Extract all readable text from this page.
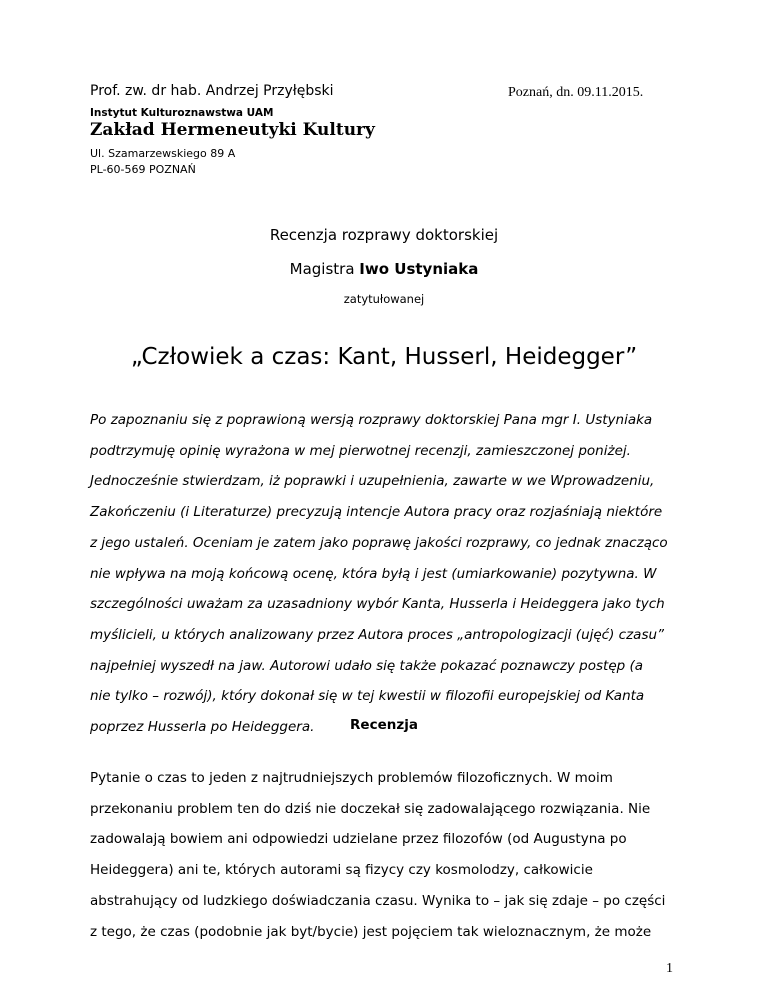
Prof. zw. dr hab. Andrzej Przyłębski	Poznań, dn. 09.11.2015.
Instytut Kulturoznawstwa UAM
Zakład Hermeneutyki Kultury
Ul. Szamarzewskiego 89 A
PL-60-569 POZNAŃ
Recenzja rozprawy doktorskiej
Magistra Iwo Ustyniaka
zatytułowanej
„Człowiek a czas: Kant, Husserl, Heidegger”
Po zapoznaniu się z poprawioną wersją rozprawy doktorskiej Pana mgr I. Ustyniaka
podtrzymuję opinię wyrażona w mej pierwotnej recenzji, zamieszczonej poniżej.
Jednocześnie stwierdzam, iż poprawki i uzupełnienia, zawarte w we Wprowadzeniu,
Zakończeniu (i Literaturze) precyzują intencje Autora pracy oraz rozjaśniają niektóre
z jego ustaleń. Oceniam je zatem jako poprawę jakości rozprawy, co jednak znacząco
nie wpływa na moją końcową ocenę, która byłą i jest (umiarkowanie) pozytywna. W
szczególności uważam za uzasadniony wybór Kanta, Husserla i Heideggera jako tych
myślicieli, u których analizowany przez Autora proces „antropologizacji (ujęć) czasu”
najpełniej wyszedł na jaw. Autorowi udało się także pokazać poznawczy postęp (a
nie tylko – rozwój), który dokonał się w tej kwestii w filozofii europejskiej od Kanta
poprzez Husserla po Heideggera.	Recenzja
Pytanie o czas to jeden z najtrudniejszych problemów filozoficznych. W moim
przekonaniu problem ten do dziś nie doczekał się zadowalającego rozwiązania. Nie
zadowalają bowiem ani odpowiedzi udzielane przez filozofów (od Augustyna po
Heideggera) ani te, których autorami są fizycy czy kosmolodzy, całkowicie
abstrahujący od ludzkiego doświadczania czasu. Wynika to – jak się zdaje – po części
z tego, że czas (podobnie jak byt/bycie) jest pojęciem tak wieloznacznym, że może
1
